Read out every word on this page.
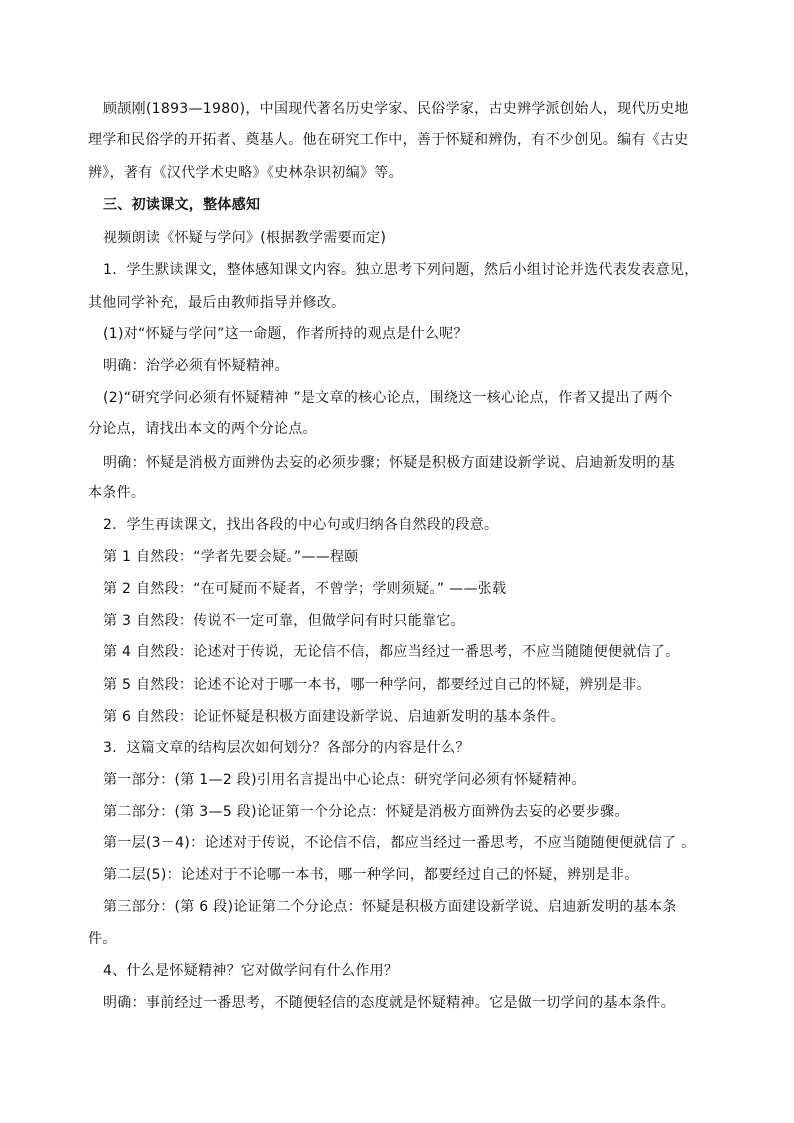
顾颉刚(1893—1980)，中国现代著名历史学家、民俗学家，古史辨学派创始人，现代历史地
理学和民俗学的开拓者、奠基人。他在研究工作中，善于怀疑和辨伪，有不少创见。编有《古史
辨》，著有《汉代学术史略》《史林杂识初编》等。
三、初读课文，整体感知
视频朗读《怀疑与学问》(根据教学需要而定)
1．学生默读课文，整体感知课文内容。独立思考下列问题，然后小组讨论并选代表发表意见，
其他同学补充，最后由教师指导并修改。
(1)对“怀疑与学问”这一命题，作者所持的观点是什么呢？
明确：治学必须有怀疑精神。
(2)“研究学问必须有怀疑精神 ”是文章的核心论点，围绕这一核心论点，作者又提出了两个
分论点，请找出本文的两个分论点。
明确：怀疑是消极方面辨伪去妄的必须步骤；怀疑是积极方面建设新学说、启迪新发明的基
本条件。
2．学生再读课文，找出各段的中心句或归纳各自然段的段意。
第 1 自然段：“学者先要会疑。”——程颐
第 2 自然段：“在可疑而不疑者，不曾学；学则须疑。” ——张载
第 3 自然段：传说不一定可靠，但做学问有时只能靠它。
第 4 自然段：论述对于传说，无论信不信，都应当经过一番思考，不应当随随便便就信了。
第 5 自然段：论述不论对于哪一本书，哪一种学问，都要经过自己的怀疑，辨别是非。
第 6 自然段：论证怀疑是积极方面建设新学说、启迪新发明的基本条件。
3．这篇文章的结构层次如何划分？各部分的内容是什么？
第一部分：(第 1—2 段)引用名言提出中心论点：研究学问必须有怀疑精神。
第二部分：(第 3—5 段)论证第一个分论点：怀疑是消极方面辨伪去妄的必要步骤。
第一层(3－4)：论述对于传说，不论信不信，都应当经过一番思考，不应当随随便便就信了 。
第二层(5)：论述对于不论哪一本书，哪一种学问，都要经过自己的怀疑，辨别是非。
第三部分：(第 6 段)论证第二个分论点：怀疑是积极方面建设新学说、启迪新发明的基本条
件。
4、什么是怀疑精神？它对做学问有什么作用？
明确：事前经过一番思考，不随便轻信的态度就是怀疑精神。它是做一切学问的基本条件。
